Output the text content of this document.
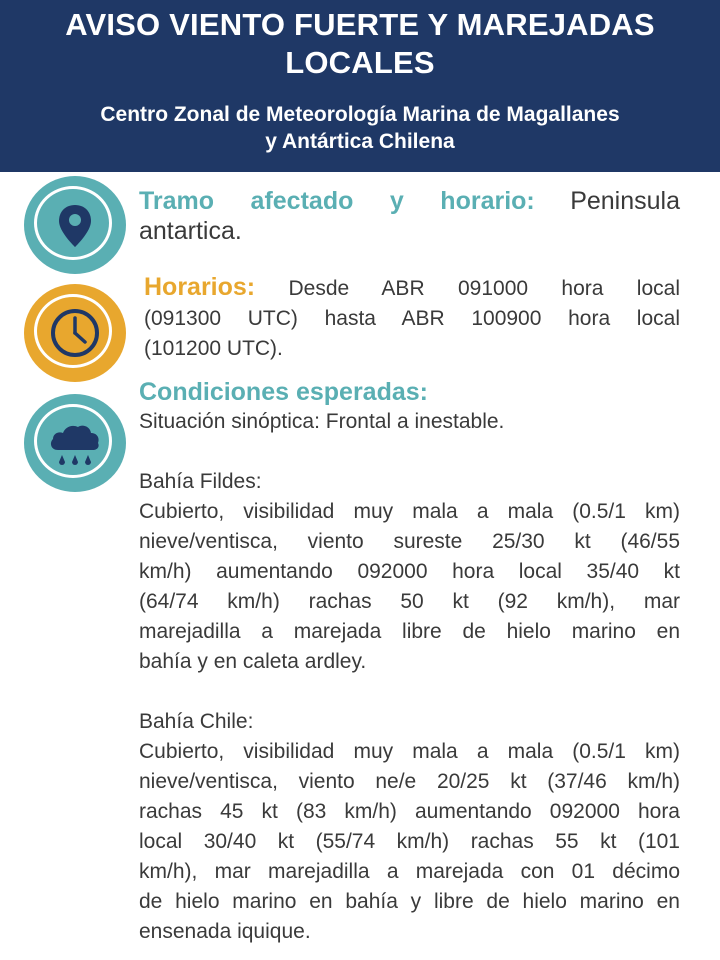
AVISO VIENTO FUERTE Y MAREJADAS
LOCALES
Centro Zonal de Meteorología Marina de Magallanes
y Antártica Chilena
Tramo afectado y horario: Peninsula
antartica.
Horarios: Desde ABR 091000 hora local
(091300 UTC) hasta ABR 100900 hora local
(101200 UTC).
Condiciones esperadas:
Situación sinóptica: Frontal a inestable.
Bahía Fildes:
Cubierto, visibilidad muy mala a mala (0.5/1 km)
nieve/ventisca, viento sureste 25/30 kt (46/55
km/h) aumentando 092000 hora local 35/40 kt
(64/74 km/h) rachas 50 kt (92 km/h), mar
marejadilla a marejada libre de hielo marino en
bahía y en caleta ardley.
Bahía Chile:
Cubierto, visibilidad muy mala a mala (0.5/1 km)
nieve/ventisca, viento ne/e 20/25 kt (37/46 km/h)
rachas 45 kt (83 km/h) aumentando 092000 hora
local 30/40 kt (55/74 km/h) rachas 55 kt (101
km/h), mar marejadilla a marejada con 01 décimo
de hielo marino en bahía y libre de hielo marino en
ensenada iquique.
